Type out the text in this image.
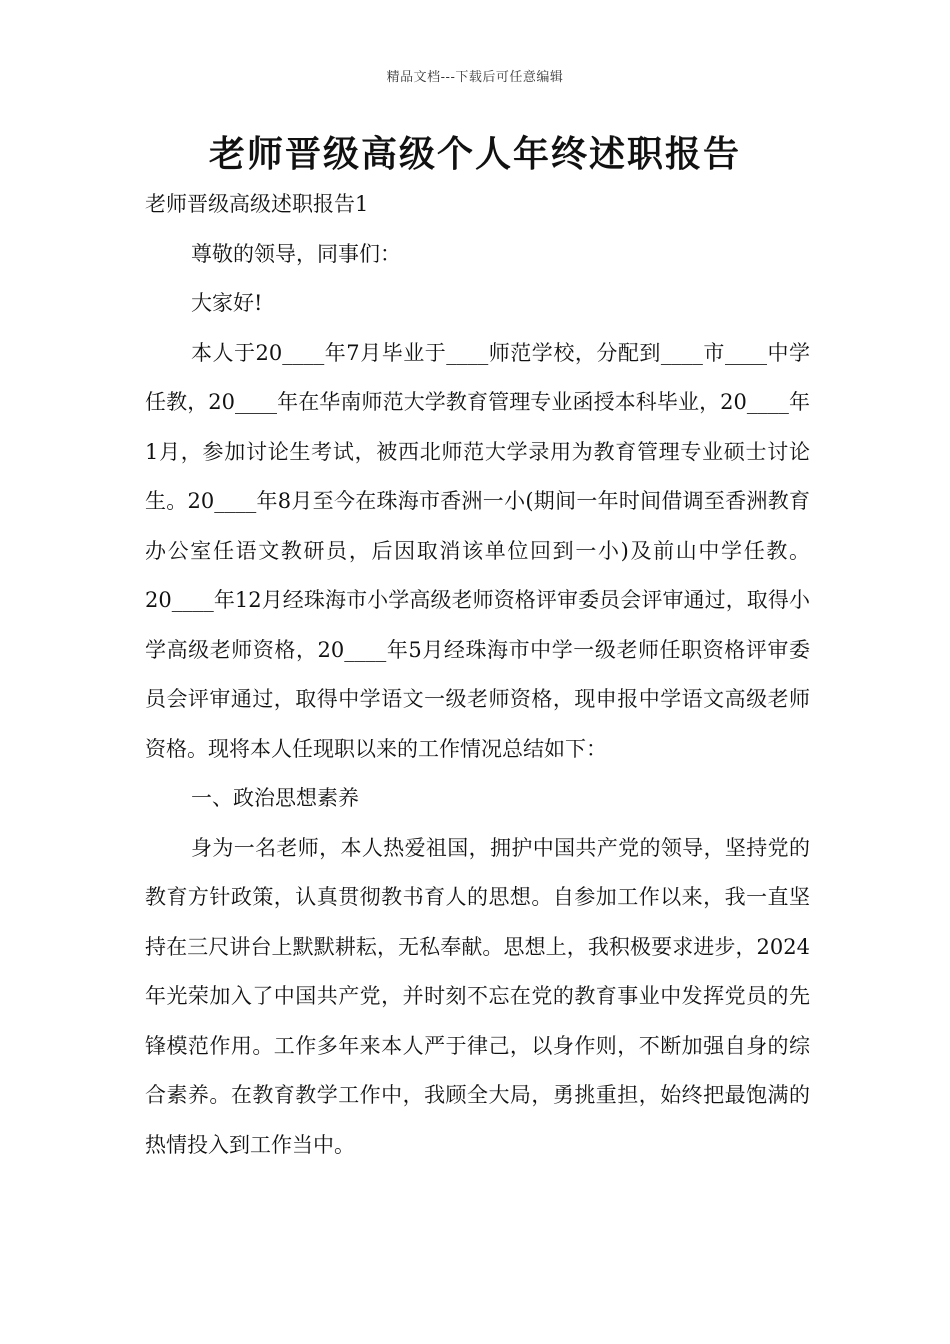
精品文档---下载后可任意编辑
老师晋级高级个人年终述职报告

老师晋级高级述职报告1

尊敬的领导，同事们：

大家好!

本人于20____年7月毕业于____师范学校，分配到____市____中学任教，20____年在华南师范大学教育管理专业函授本科毕业，20____年1月，参加讨论生考试，被西北师范大学录用为教育管理专业硕士讨论生。20____年8月至今在珠海市香洲一小(期间一年时间借调至香洲教育办公室任语文教研员，后因取消该单位回到一小)及前山中学任教。20____年12月经珠海市小学高级老师资格评审委员会评审通过，取得小学高级老师资格，20____年5月经珠海市中学一级老师任职资格评审委员会评审通过，取得中学语文一级老师资格，现申报中学语文高级老师资格。现将本人任现职以来的工作情况总结如下：

一、政治思想素养

身为一名老师，本人热爱祖国，拥护中国共产党的领导，坚持党的教育方针政策，认真贯彻教书育人的思想。自参加工作以来，我一直坚持在三尺讲台上默默耕耘，无私奉献。思想上，我积极要求进步，2024年光荣加入了中国共产党，并时刻不忘在党的教育事业中发挥党员的先锋模范作用。工作多年来本人严于律己，以身作则，不断加强自身的综合素养。在教育教学工作中，我顾全大局，勇挑重担，始终把最饱满的热情投入到工作当中。
